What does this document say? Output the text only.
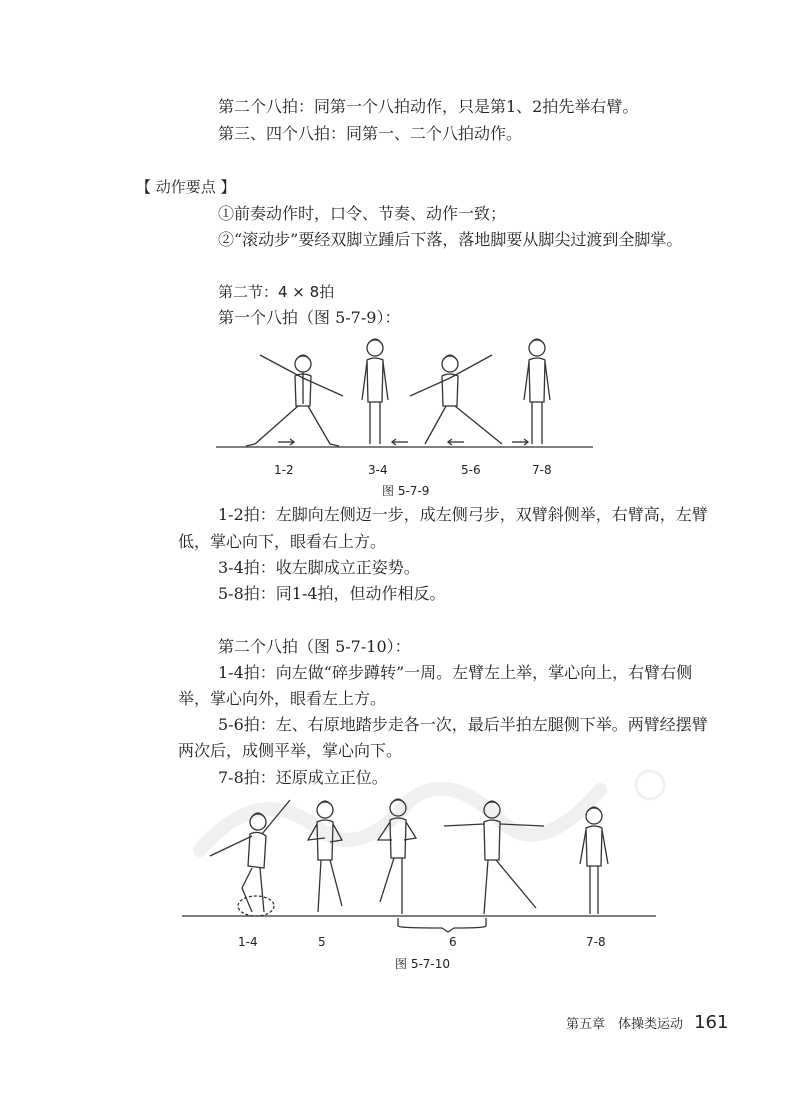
第二个八拍：同第一个八拍动作，只是第1、2拍先举右臂。

第三、四个八拍：同第一、二个八拍动作。

【 动作要点 】

①前奏动作时，口令、节奏、动作一致；

②“滚动步”要经双脚立踵后下落，落地脚要从脚尖过渡到全脚掌。

第二节：4 × 8拍

第一个八拍（图 5-7-9）：

1-2	3-4	5-6	7-8
图 5-7-9

1-2拍：左脚向左侧迈一步，成左侧弓步，双臂斜侧举，右臂高，左臂

低，掌心向下，眼看右上方。

3-4拍：收左脚成立正姿势。

5-8拍：同1-4拍，但动作相反。

第二个八拍（图 5-7-10）：

1-4拍：向左做“碎步蹲转”一周。左臂左上举，掌心向上，右臂右侧

举，掌心向外，眼看左上方。

5-6拍：左、右原地踏步走各一次，最后半拍左腿侧下举。两臂经摆臂

两次后，成侧平举，掌心向下。

7-8拍：还原成立正位。

1-4	5	6	7-8
图 5-7-10
第五章　体操类运动 161
